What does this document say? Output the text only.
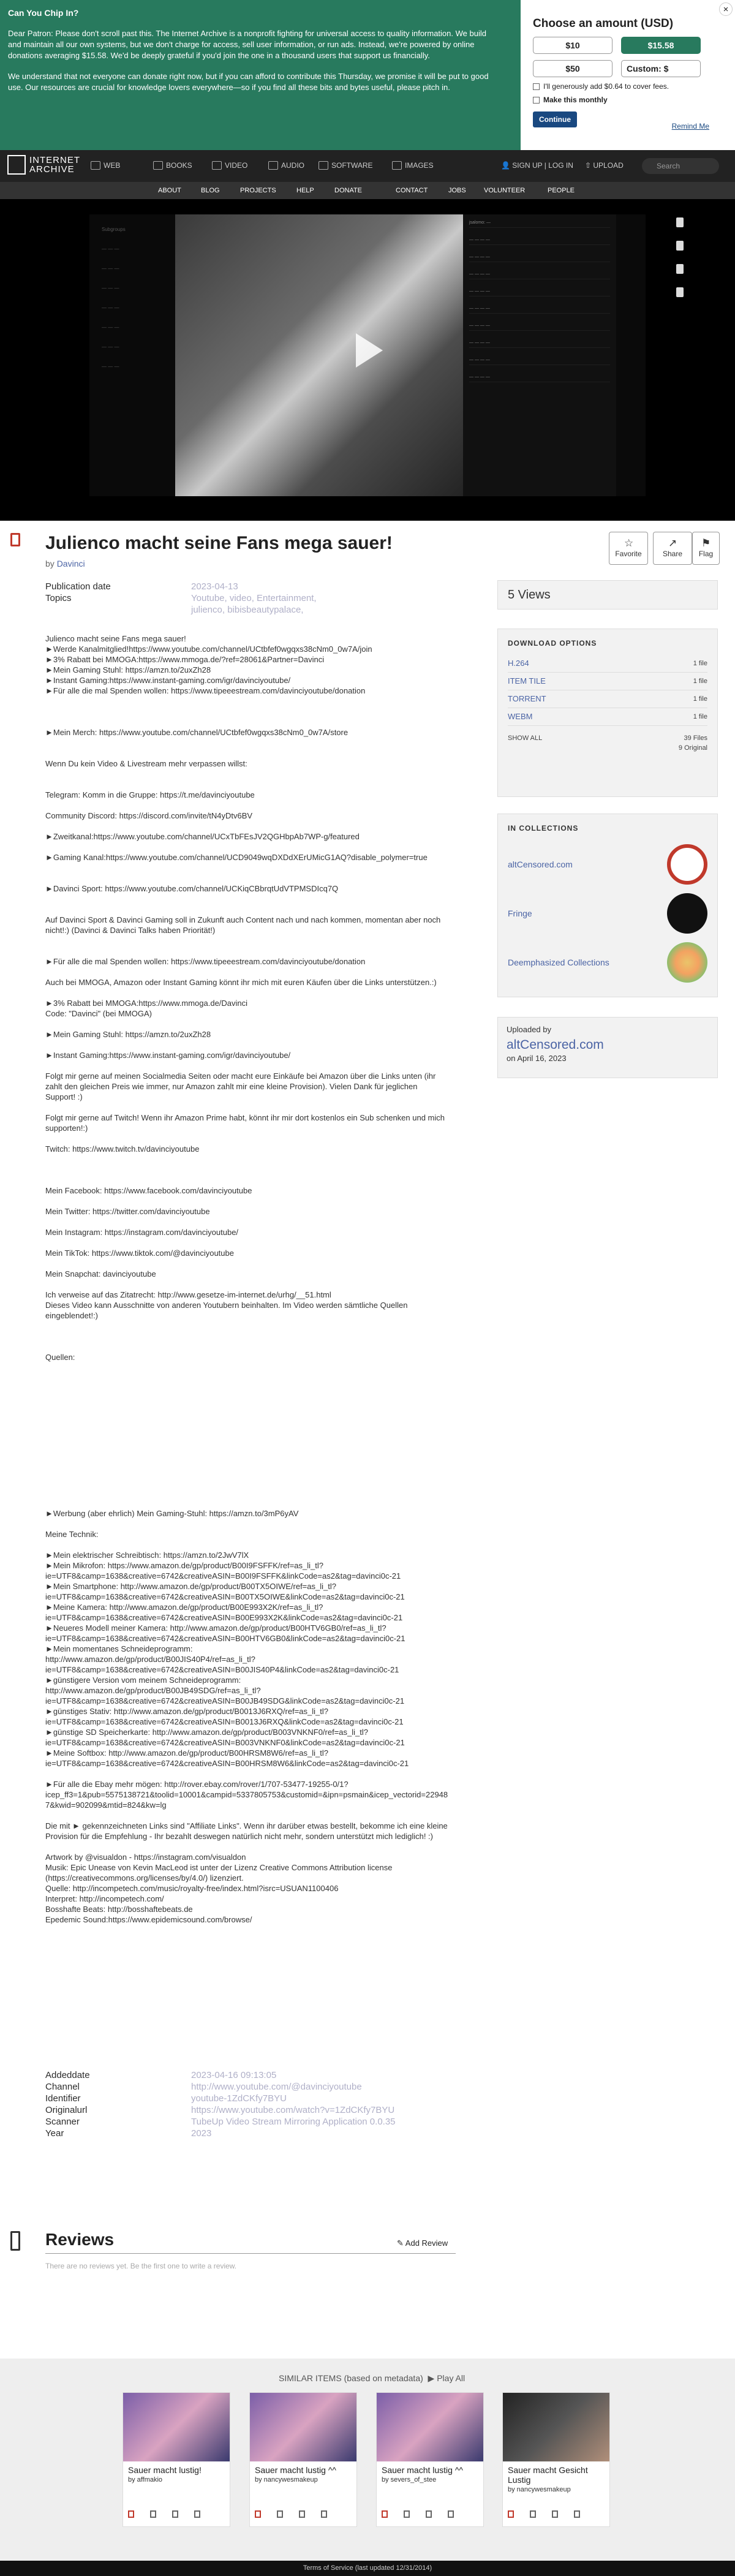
Can You Chip In?

Dear Patron: Please don't scroll past this. The Internet Archive is a nonprofit fighting for universal access to quality information. We build and maintain all our own systems, but we don't charge for access, sell user information, or run ads. Instead, we're powered by online donations averaging $15.58. We'd be deeply grateful if you'd join the one in a thousand users that support us financially.

We understand that not everyone can donate right now, but if you can afford to contribute this Thursday, we promise it will be put to good use. Our resources are crucial for knowledge lovers everywhere—so if you find all these bits and bytes useful, please pitch in.

Choose an amount (USD)
$10	$15.58
$50	Custom: $
I'll generously add $0.64 to cover fees.
Make this monthly
Continue
Remind Me
×
INTERNET
ARCHIVE	WEB	BOOKS	VIDEO	AUDIO	SOFTWARE	IMAGES	👤 SIGN UP | LOG IN ⇧ UPLOAD	Search
ABOUT	BLOG	PROJECTS	HELP	DONATE	CONTACT	JOBS	VOLUNTEER	PEOPLE
Subgroups
— — —
— — —
— — —
— — —
— — —
— — —
— — —
jsalomo: —
— — — —
— — — —
— — — —
— — — —
— — — —
— — — —
— — — —
— — — —
— — — —
Julienco macht seine Fans mega sauer!
by Davinci
☆
Favorite
↗
Share
⚑
Flag
Publication date	2023-04-13
Topics	Youtube, video, Entertainment, julienco, bibisbeautypalace,
Julienco macht seine Fans mega sauer!
►Werde Kanalmitglied!https://www.youtube.com/channel/UCtbfef0wgqxs38cNm0_0w7A/join
►3% Rabatt bei MMOGA:https://www.mmoga.de/?ref=28061&Partner=Davinci
►Mein Gaming Stuhl: https://amzn.to/2uxZh28
►Instant Gaming:https://www.instant-gaming.com/igr/davinciyoutube/
►Für alle die mal Spenden wollen: https://www.tipeeestream.com/davinciyoutube/donation

►Mein Merch: https://www.youtube.com/channel/UCtbfef0wgqxs38cNm0_0w7A/store

Wenn Du kein Video & Livestream mehr verpassen willst:

Telegram: Komm in die Gruppe: https://t.me/davinciyoutube

Community Discord: https://discord.com/invite/tN4yDtv6BV

►Zweitkanal:https://www.youtube.com/channel/UCxTbFEsJV2QGHbpAb7WP-g/featured

►Gaming Kanal:https://www.youtube.com/channel/UCD9049wqDXDdXErUMicG1AQ?disable_polymer=true

►Davinci Sport: https://www.youtube.com/channel/UCKiqCBbrqtUdVTPMSDIcq7Q

Auf Davinci Sport & Davinci Gaming soll in Zukunft auch Content nach und nach kommen, momentan aber noch nicht!:) (Davinci & Davinci Talks haben Priorität!)

►Für alle die mal Spenden wollen: https://www.tipeeestream.com/davinciyoutube/donation

Auch bei MMOGA, Amazon oder Instant Gaming könnt ihr mich mit euren Käufen über die Links unterstützen.:)

►3% Rabatt bei MMOGA:https://www.mmoga.de/Davinci
Code: "Davinci" (bei MMOGA)

►Mein Gaming Stuhl: https://amzn.to/2uxZh28

►Instant Gaming:https://www.instant-gaming.com/igr/davinciyoutube/

Folgt mir gerne auf meinen Socialmedia Seiten oder macht eure Einkäufe bei Amazon über die Links unten (ihr zahlt den gleichen Preis wie immer, nur Amazon zahlt mir eine kleine Provision). Vielen Dank für jeglichen Support! :)

Folgt mir gerne auf Twitch! Wenn ihr Amazon Prime habt, könnt ihr mir dort kostenlos ein Sub schenken und mich supporten!:)

Twitch: https://www.twitch.tv/davinciyoutube

Mein Facebook: https://www.facebook.com/davinciyoutube

Mein Twitter: https://twitter.com/davinciyoutube

Mein Instagram: https://instagram.com/davinciyoutube/

Mein TikTok: https://www.tiktok.com/@davinciyoutube

Mein Snapchat: davinciyoutube

Ich verweise auf das Zitatrecht: http://www.gesetze-im-internet.de/urhg/__51.html
Dieses Video kann Ausschnitte von anderen Youtubern beinhalten. Im Video werden sämtliche Quellen eingeblendet!:)

Quellen:

►Werbung (aber ehrlich) Mein Gaming-Stuhl: https://amzn.to/3mP6yAV

Meine Technik:

►Mein elektrischer Schreibtisch: https://amzn.to/2JwV7lX
►Mein Mikrofon: https://www.amazon.de/gp/product/B00I9FSFFK/ref=as_li_tl?ie=UTF8&camp=1638&creative=6742&creativeASIN=B00I9FSFFK&linkCode=as2&tag=davinci0c-21
►Mein Smartphone: http://www.amazon.de/gp/product/B00TX5OIWE/ref=as_li_tl?ie=UTF8&camp=1638&creative=6742&creativeASIN=B00TX5OIWE&linkCode=as2&tag=davinci0c-21
►Meine Kamera: http://www.amazon.de/gp/product/B00E993X2K/ref=as_li_tl?ie=UTF8&camp=1638&creative=6742&creativeASIN=B00E993X2K&linkCode=as2&tag=davinci0c-21
►Neueres Modell meiner Kamera: http://www.amazon.de/gp/product/B00HTV6GB0/ref=as_li_tl?ie=UTF8&camp=1638&creative=6742&creativeASIN=B00HTV6GB0&linkCode=as2&tag=davinci0c-21
►Mein momentanes Schneideprogramm:
http://www.amazon.de/gp/product/B00JIS40P4/ref=as_li_tl?ie=UTF8&camp=1638&creative=6742&creativeASIN=B00JIS40P4&linkCode=as2&tag=davinci0c-21
►günstigere Version vom meinem Schneideprogramm:
http://www.amazon.de/gp/product/B00JB49SDG/ref=as_li_tl?ie=UTF8&camp=1638&creative=6742&creativeASIN=B00JB49SDG&linkCode=as2&tag=davinci0c-21
►günstiges Stativ: http://www.amazon.de/gp/product/B0013J6RXQ/ref=as_li_tl?ie=UTF8&camp=1638&creative=6742&creativeASIN=B0013J6RXQ&linkCode=as2&tag=davinci0c-21
►günstige SD Speicherkarte: http://www.amazon.de/gp/product/B003VNKNF0/ref=as_li_tl?ie=UTF8&camp=1638&creative=6742&creativeASIN=B003VNKNF0&linkCode=as2&tag=davinci0c-21
►Meine Softbox: http://www.amazon.de/gp/product/B00HRSM8W6/ref=as_li_tl?ie=UTF8&camp=1638&creative=6742&creativeASIN=B00HRSM8W6&linkCode=as2&tag=davinci0c-21

►Für alle die Ebay mehr mögen: http://rover.ebay.com/rover/1/707-53477-19255-0/1?icep_ff3=1&pub=5575138721&toolid=10001&campid=5337805753&customid=&ipn=psmain&icep_vectorid=229487&kwid=902099&mtid=824&kw=lg

Die mit ► gekennzeichneten Links sind "Affiliate Links". Wenn ihr darüber etwas bestellt, bekomme ich eine kleine Provision für die Empfehlung - Ihr bezahlt deswegen natürlich nicht mehr, sondern unterstützt mich lediglich! :)

Artwork by @visualdon - https://instagram.com/visualdon
Musik: Epic Unease von Kevin MacLeod ist unter der Lizenz Creative Commons Attribution license (https://creativecommons.org/licenses/by/4.0/) lizenziert.
Quelle: http://incompetech.com/music/royalty-free/index.html?isrc=USUAN1100406
Interpret: http://incompetech.com/
Bosshafte Beats: http://bosshaftebeats.de
Epedemic Sound:https://www.epidemicsound.com/browse/
Addeddate	2023-04-16 09:13:05
Channel	http://www.youtube.com/@davinciyoutube
Identifier	youtube-1ZdCKfy7BYU
Originalurl	https://www.youtube.com/watch?v=1ZdCKfy7BYU
Scanner	TubeUp Video Stream Mirroring Application 0.0.35
Year	2023
5 Views
DOWNLOAD OPTIONS
H.264	1 file
ITEM TILE	1 file
TORRENT	1 file
WEBM	1 file
SHOW ALL	39 Files
9 Original
IN COLLECTIONS
altCensored.com
Fringe
Deemphasized Collections
Uploaded by
altCensored.com
on April 16, 2023
Reviews	✎ Add Review
There are no reviews yet. Be the first one to write a review.
SIMILAR ITEMS (based on metadata)  ▶ Play All
Sauer macht lustig!
by affmakio
Sauer macht lustig ^^
by nancywesmakeup
Sauer macht lustig ^^
by severs_of_stee
Sauer macht Gesicht Lustig
by nancywesmakeup
Terms of Service (last updated 12/31/2014)
